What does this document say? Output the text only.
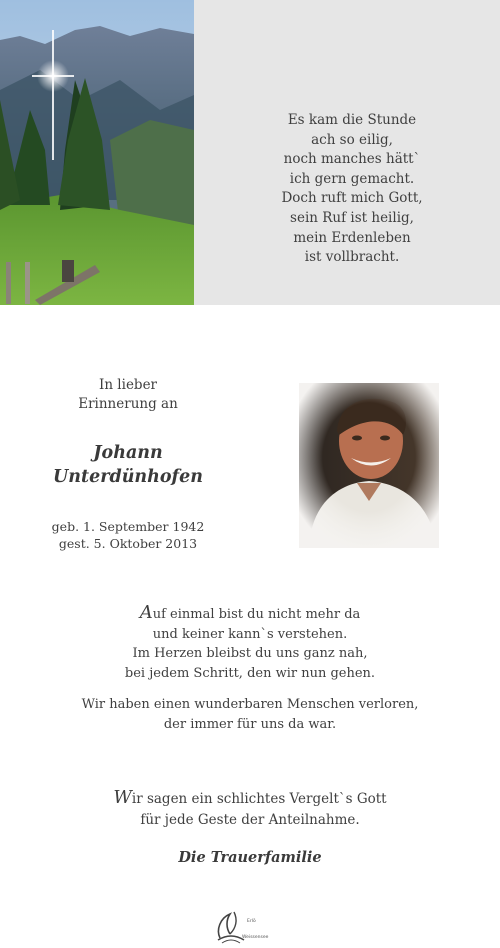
Es kam die Stunde
ach so eilig,
noch manches hätt`
ich gern gemacht.
Doch ruft mich Gott,
sein Ruf ist heilig,
mein Erdenleben
ist vollbracht.
In lieber
Erinnerung an
Johann
Unterdünhofen
geb. 1. September 1942
gest. 5. Oktober 2013
Auf einmal bist du nicht mehr da
und keiner kann`s verstehen.
Im Herzen bleibst du uns ganz nah,
bei jedem Schritt, den wir nun gehen.
Wir haben einen wunderbaren Menschen verloren,
der immer für uns da war.
Wir sagen ein schlichtes Vergelt`s Gott
für jede Geste der Anteilnahme.
Die Trauerfamilie
Erlö
Weissensee
